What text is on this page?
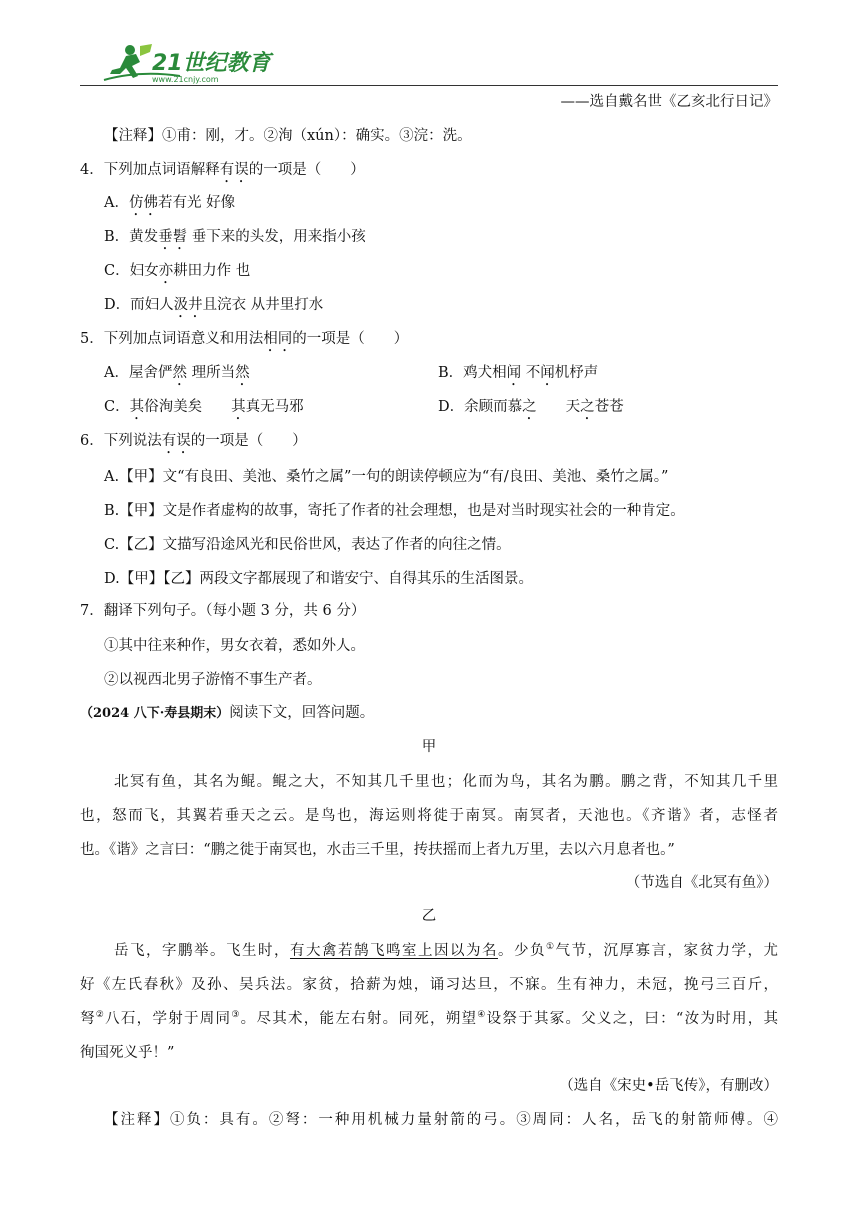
21世纪教育
www.21cnjy.com
——选自戴名世《乙亥北行日记》
【注释】①甫：刚，才。②洵（xún）：确实。③浣：洗。
4．下列加点词语解释有误的一项是（　　）
A．仿佛若有光 好像
B．黄发垂髫 垂下来的头发，用来指小孩
C．妇女亦耕田力作 也
D．而妇人汲井且浣衣 从井里打水
5．下列加点词语意义和用法相同的一项是（　　）
A．屋舍俨然 理所当然	B．鸡犬相闻 不闻机杼声
C．其俗洵美矣　　其真无马邪	D．余顾而慕之　　天之苍苍
6．下列说法有误的一项是（　　）
A.【甲】文“有良田、美池、桑竹之属”一句的朗读停顿应为“有/良田、美池、桑竹之属。”
B.【甲】文是作者虚构的故事，寄托了作者的社会理想，也是对当时现实社会的一种肯定。
C.【乙】文描写沿途风光和民俗世风，表达了作者的向往之情。
D.【甲】【乙】两段文字都展现了和谐安宁、自得其乐的生活图景。
7．翻译下列句子。（每小题 3 分，共 6 分）
①其中往来种作，男女衣着，悉如外人。
②以视西北男子游惰不事生产者。
（2024 八下·寿县期末）阅读下文，回答问题。
甲
北冥有鱼，其名为鲲。鲲之大，不知其几千里也；化而为鸟，其名为鹏。鹏之背，不知其几千里
也，怒而飞，其翼若垂天之云。是鸟也，海运则将徙于南冥。南冥者，天池也。《齐谐》者，志怪者
也。《谐》之言曰：“鹏之徙于南冥也，水击三千里，抟扶摇而上者九万里，去以六月息者也。”
（节选自《北冥有鱼》）
乙
岳飞，字鹏举。飞生时，有大禽若鹄飞鸣室上因以为名。少负①气节，沉厚寡言，家贫力学，尤
好《左氏春秋》及孙、吴兵法。家贫，拾薪为烛，诵习达旦，不寐。生有神力，未冠，挽弓三百斤，
弩②八石，学射于周同③。尽其术，能左右射。同死，朔望④设祭于其冢。父义之，曰：“汝为时用，其
徇国死义乎！”
（选自《宋史•岳飞传》，有删改）
【注释】①负：具有。②弩：一种用机械力量射箭的弓。③周同：人名，岳飞的射箭师傅。④
